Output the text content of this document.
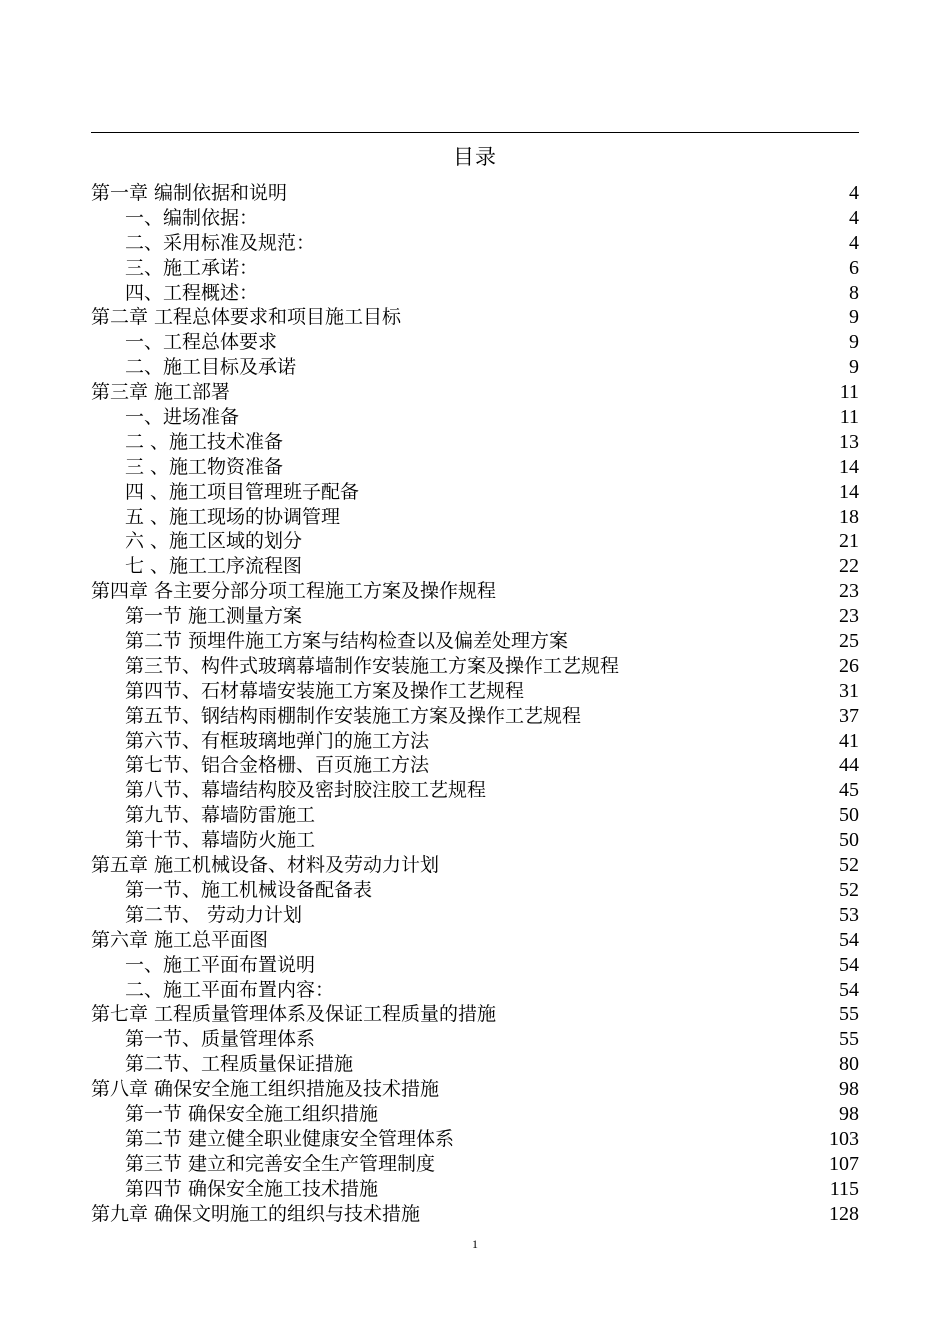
目录
第一章 编制依据和说明	4
一、编制依据：	4
二、采用标准及规范：	4
三、施工承诺：	6
四、工程概述：	8
第二章 工程总体要求和项目施工目标	9
一、工程总体要求	9
二、施工目标及承诺	9
第三章 施工部署	11
一、进场准备	11
二 、施工技术准备	13
三 、施工物资准备	14
四 、施工项目管理班子配备	14
五 、施工现场的协调管理	18
六 、施工区域的划分	21
七 、施工工序流程图	22
第四章 各主要分部分项工程施工方案及操作规程	23
第一节 施工测量方案	23
第二节 预埋件施工方案与结构检查以及偏差处理方案	25
第三节、构件式玻璃幕墙制作安装施工方案及操作工艺规程	26
第四节、石材幕墙安装施工方案及操作工艺规程	31
第五节、钢结构雨棚制作安装施工方案及操作工艺规程	37
第六节、有框玻璃地弹门的施工方法	41
第七节、铝合金格栅、百页施工方法	44
第八节、幕墙结构胶及密封胶注胶工艺规程	45
第九节、幕墙防雷施工	50
第十节、幕墙防火施工	50
第五章 施工机械设备、材料及劳动力计划	52
第一节、施工机械设备配备表	52
第二节、 劳动力计划	53
第六章 施工总平面图	54
一、施工平面布置说明	54
二、施工平面布置内容：	54
第七章 工程质量管理体系及保证工程质量的措施	55
第一节、质量管理体系	55
第二节、工程质量保证措施	80
第八章 确保安全施工组织措施及技术措施	98
第一节 确保安全施工组织措施	98
第二节 建立健全职业健康安全管理体系	103
第三节 建立和完善安全生产管理制度	107
第四节 确保安全施工技术措施	115
第九章 确保文明施工的组织与技术措施	128
1
